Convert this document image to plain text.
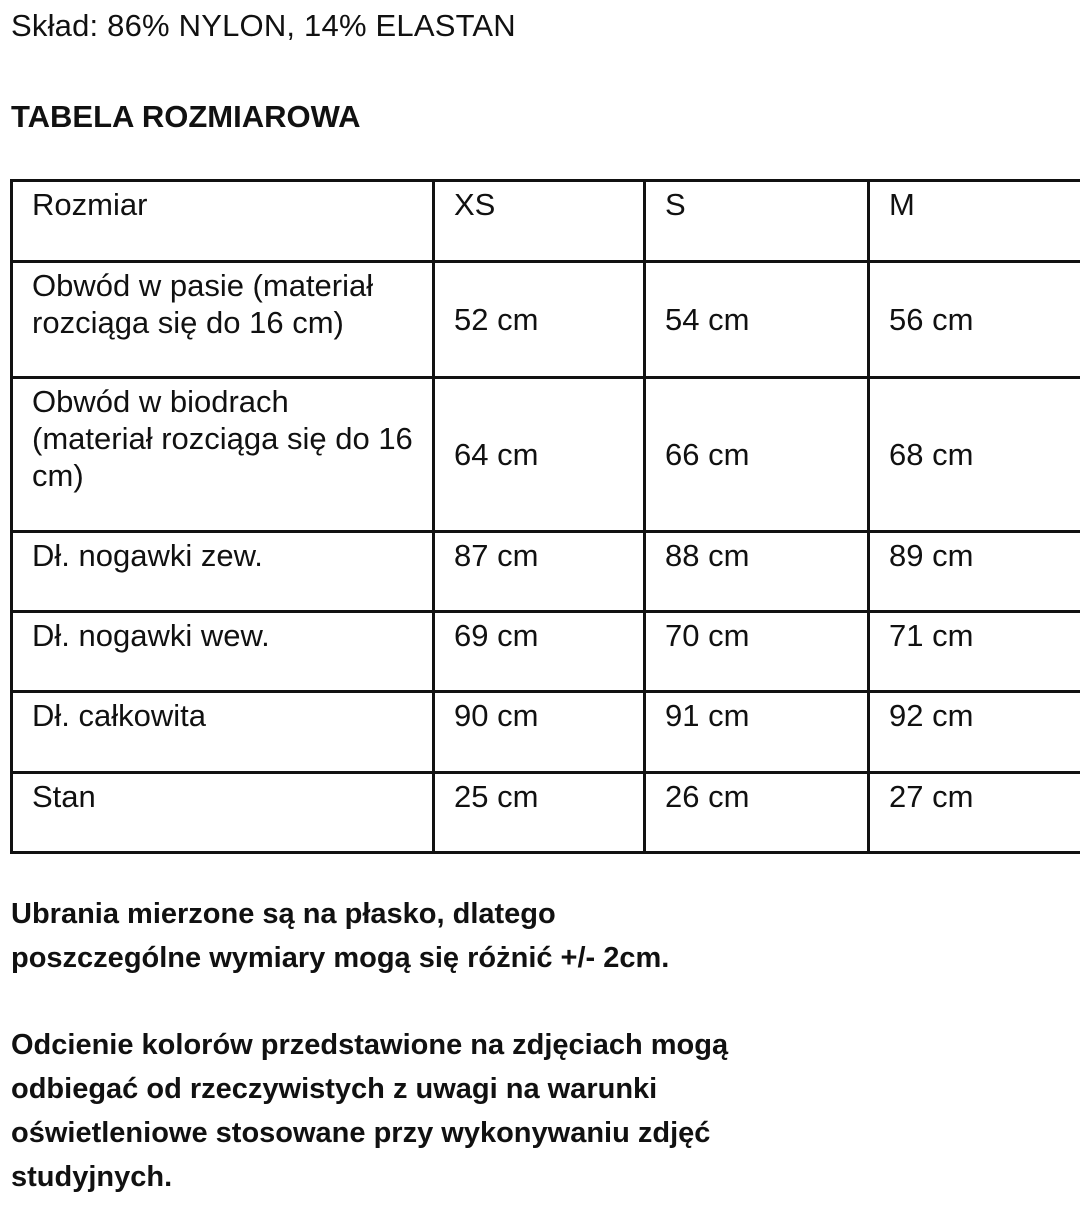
Skład: 86% NYLON, 14% ELASTAN
TABELA ROZMIAROWA
Rozmiar	XS	S	M
Obwód w pasie (materiał rozciąga się do 16 cm)	52 cm	54 cm	56 cm
Obwód w biodrach (materiał rozciąga się do 16 cm)	64 cm	66 cm	68 cm
Dł. nogawki zew.	87 cm	88 cm	89 cm
Dł. nogawki wew.	69 cm	70 cm	71 cm
Dł. całkowita	90 cm	91 cm	92 cm
Stan	25 cm	26 cm	27 cm
Ubrania mierzone są na płasko, dlatego
poszczególne wymiary mogą się różnić +/- 2cm.
Odcienie kolorów przedstawione na zdjęciach mogą
odbiegać od rzeczywistych z uwagi na warunki
oświetleniowe stosowane przy wykonywaniu zdjęć
studyjnych.
